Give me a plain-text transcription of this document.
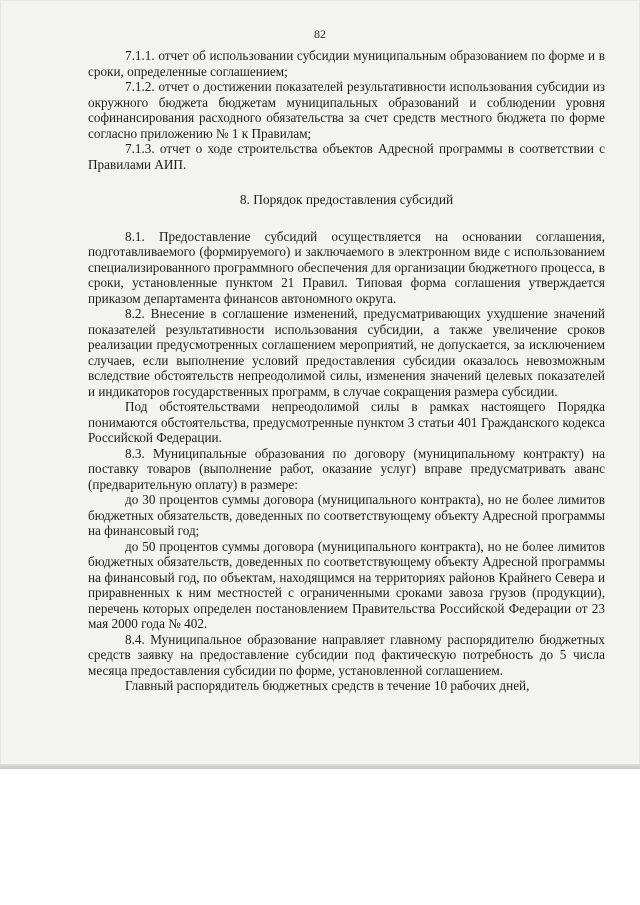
82

7.1.1. отчет об использовании субсидии муниципальным образованием по форме и в сроки, определенные соглашением;

7.1.2. отчет о достижении показателей результативности использования субсидии из окружного бюджета бюджетам муниципальных образований и соблюдении уровня софинансирования расходного обязательства за счет средств местного бюджета по форме согласно приложению № 1 к Правилам;

7.1.3. отчет о ходе строительства объектов Адресной программы в соответствии с Правилами АИП.

8. Порядок предоставления субсидий

8.1. Предоставление субсидий осуществляется на основании соглашения, подготавливаемого (формируемого) и заключаемого в электронном виде с использованием специализированного программного обеспечения для организации бюджетного процесса, в сроки, установленные пунктом 21 Правил. Типовая форма соглашения утверждается приказом департамента финансов автономного округа.

8.2. Внесение в соглашение изменений, предусматривающих ухудшение значений показателей результативности использования субсидии, а также увеличение сроков реализации предусмотренных соглашением мероприятий, не допускается, за исключением случаев, если выполнение условий предоставления субсидии оказалось невозможным вследствие обстоятельств непреодолимой силы, изменения значений целевых показателей и индикаторов государственных программ, в случае сокращения размера субсидии.

Под обстоятельствами непреодолимой силы в рамках настоящего Порядка понимаются обстоятельства, предусмотренные пунктом 3 статьи 401 Гражданского кодекса Российской Федерации.

8.3. Муниципальные образования по договору (муниципальному контракту) на поставку товаров (выполнение работ, оказание услуг) вправе предусматривать аванс (предварительную оплату) в размере:

до 30 процентов суммы договора (муниципального контракта), но не более лимитов бюджетных обязательств, доведенных по соответствующему объекту Адресной программы на финансовый год;

до 50 процентов суммы договора (муниципального контракта), но не более лимитов бюджетных обязательств, доведенных по соответствующему объекту Адресной программы на финансовый год, по объектам, находящимся на территориях районов Крайнего Севера и приравненных к ним местностей с ограниченными сроками завоза грузов (продукции), перечень которых определен постановлением Правительства Российской Федерации от 23 мая 2000 года № 402.

8.4. Муниципальное образование направляет главному распорядителю бюджетных средств заявку на предоставление субсидии под фактическую потребность до 5 числа месяца предоставления субсидии по форме, установленной соглашением.

Главный распорядитель бюджетных средств в течение 10 рабочих дней,
